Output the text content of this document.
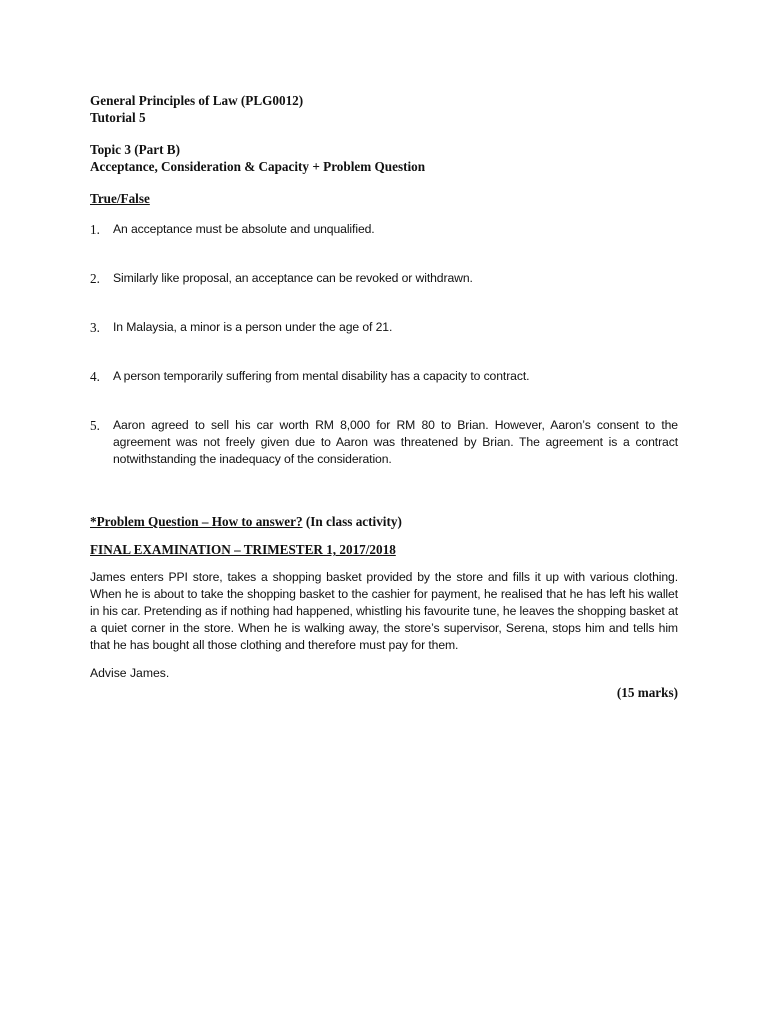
General Principles of Law (PLG0012)

Tutorial 5

Topic 3 (Part B)

Acceptance, Consideration & Capacity + Problem Question

True/False

1.	An acceptance must be absolute and unqualified.
2.	Similarly like proposal, an acceptance can be revoked or withdrawn.
3.	In Malaysia, a minor is a person under the age of 21.
4.	A person temporarily suffering from mental disability has a capacity to contract.
5.	Aaron agreed to sell his car worth RM 8,000 for RM 80 to Brian. However, Aaron’s consent to the agreement was not freely given due to Aaron was threatened by Brian. The agreement is a contract notwithstanding the inadequacy of the consideration.

*Problem Question – How to answer? (In class activity)

FINAL EXAMINATION – TRIMESTER 1, 2017/2018

James enters PPI store, takes a shopping basket provided by the store and fills it up with various clothing. When he is about to take the shopping basket to the cashier for payment, he realised that he has left his wallet in his car. Pretending as if nothing had happened, whistling his favourite tune, he leaves the shopping basket at a quiet corner in the store. When he is walking away, the store’s supervisor, Serena, stops him and tells him that he has bought all those clothing and therefore must pay for them.

Advise James.

(15 marks)
